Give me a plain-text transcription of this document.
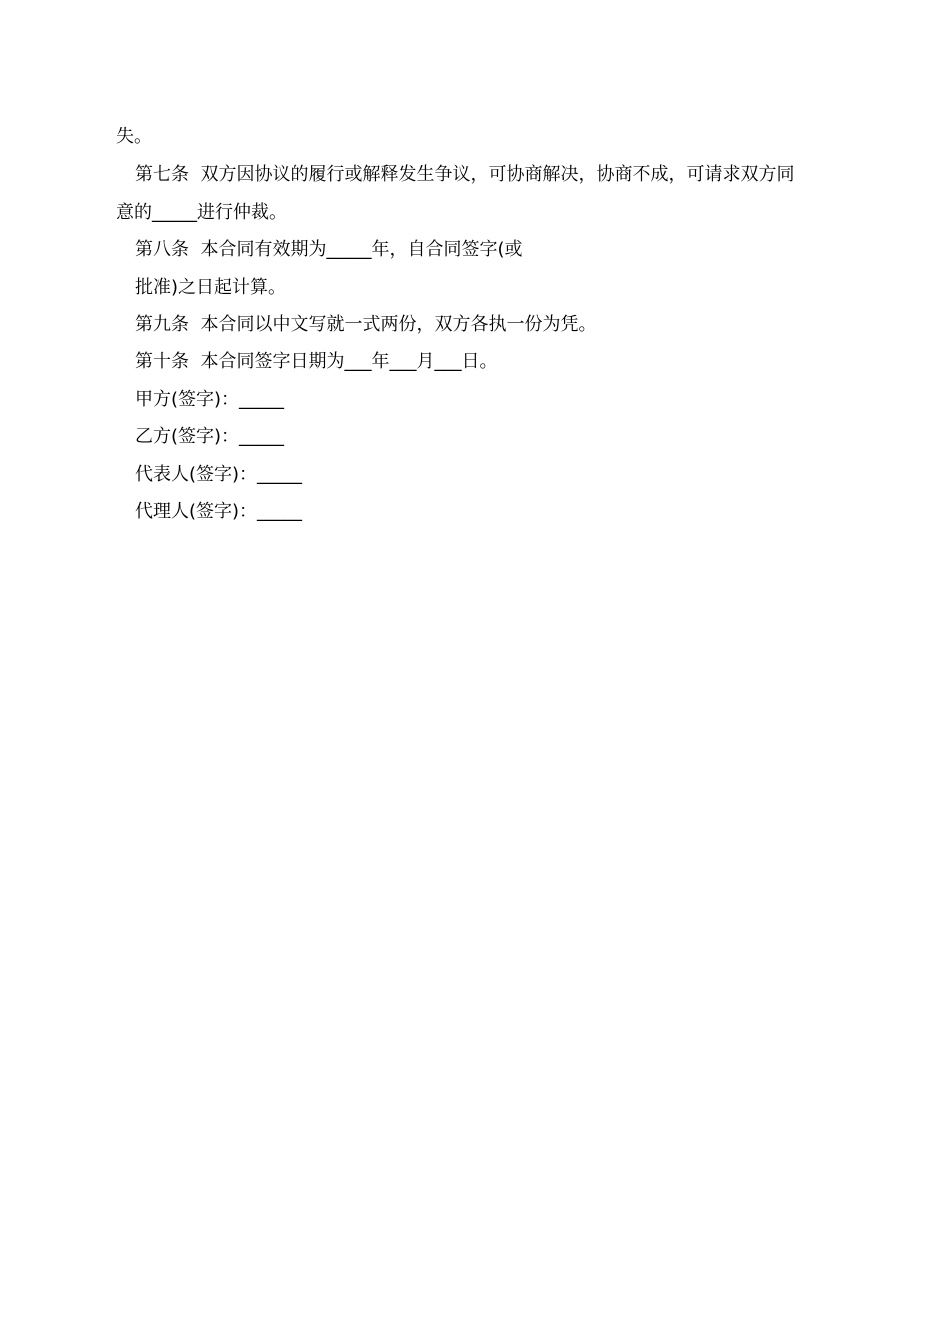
失。
第七条  双方因协议的履行或解释发生争议，可协商解决，协商不成，可请求双方同
意的_____进行仲裁。
第八条  本合同有效期为_____年，自合同签字(或
批准)之日起计算。
第九条  本合同以中文写就一式两份，双方各执一份为凭。
第十条  本合同签字日期为___年___月___日。
甲方(签字)：_____
乙方(签字)：_____
代表人(签字)：_____
代理人(签字)：_____
